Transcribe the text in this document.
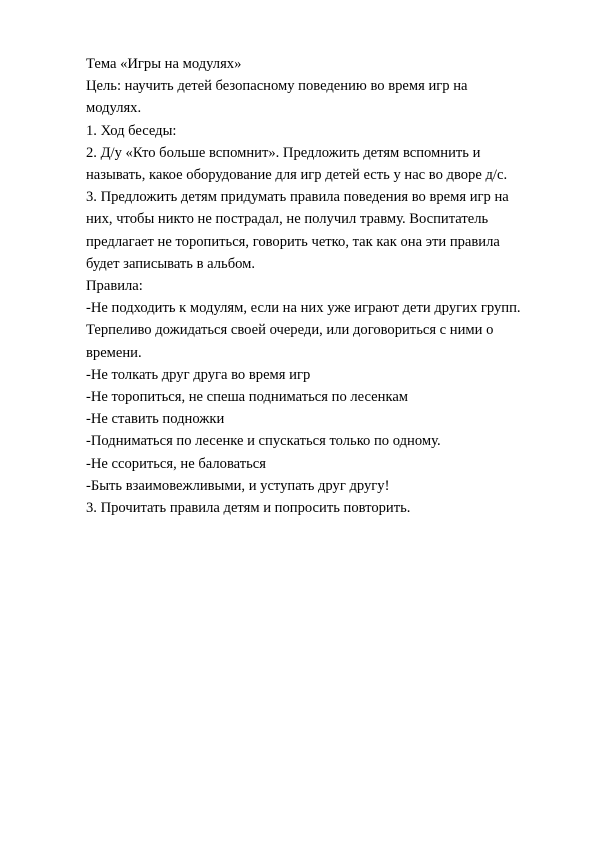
Тема «Игры на модулях»

Цель: научить детей безопасному поведению во время игр на модулях.

1. Ход беседы:

2. Д/у «Кто больше вспомнит». Предложить детям вспомнить и называть, какое оборудование для игр детей есть у нас во дворе д/с.

3. Предложить детям придумать правила поведения во время игр на них, чтобы никто не пострадал, не получил травму. Воспитатель предлагает не торопиться, говорить четко, так как она эти правила будет записывать в альбом.

Правила:

-Не подходить к модулям, если на них уже играют дети других групп.

Терпеливо дожидаться своей очереди, или договориться с ними о времени.

-Не толкать друг друга во время игр

-Не торопиться, не спеша подниматься по лесенкам

-Не ставить подножки

-Подниматься по лесенке и спускаться только по одному.

-Не ссориться, не баловаться

-Быть взаимовежливыми, и уступать друг другу!

3. Прочитать правила детям и попросить повторить.
